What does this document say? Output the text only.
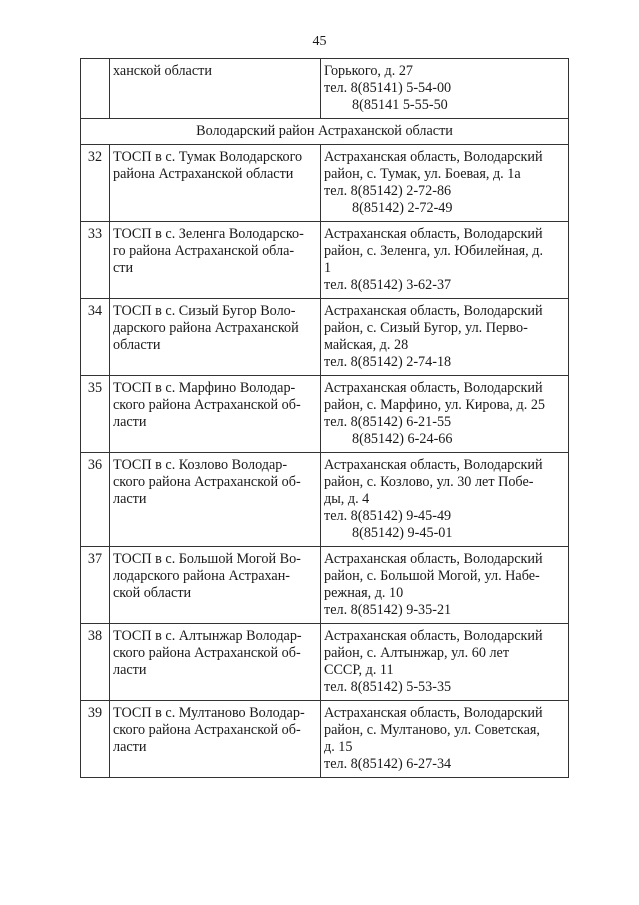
45

	ханской области	Горького, д. 27
тел. 8(85141) 5-54-00
8(85141 5-55-50

Володарский район Астраханской области		
32	ТОСП в с. Тумак Володарского
района Астраханской области	Астраханская область, Володарский
район, с. Тумак, ул. Боевая, д. 1а
тел. 8(85142) 2-72-86
8(85142) 2-72-49

33	ТОСП в с. Зеленга Володарско-
го района Астраханской обла-
сти	Астраханская область, Володарский
район, с. Зеленга, ул. Юбилейная, д.
1
тел. 8(85142) 3-62-37

34	ТОСП в с. Сизый Бугор Воло-
дарского района Астраханской
области	Астраханская область, Володарский
район, с. Сизый Бугор, ул. Перво-
майская, д. 28
тел. 8(85142) 2-74-18

35	ТОСП в с. Марфино Володар-
ского района Астраханской об-
ласти	Астраханская область, Володарский
район, с. Марфино, ул. Кирова, д. 25
тел. 8(85142) 6-21-55
8(85142) 6-24-66

36	ТОСП в с. Козлово Володар-
ского района Астраханской об-
ласти	Астраханская область, Володарский
район, с. Козлово, ул. 30 лет Побе-
ды, д. 4
тел. 8(85142) 9-45-49
8(85142) 9-45-01

37	ТОСП в с. Большой Могой Во-
лодарского района Астрахан-
ской области	Астраханская область, Володарский
район, с. Большой Могой, ул. Набе-
режная, д. 10
тел. 8(85142) 9-35-21

38	ТОСП в с. Алтынжар Володар-
ского района Астраханской об-
ласти	Астраханская область, Володарский
район, с. Алтынжар, ул. 60 лет
СССР, д. 11
тел. 8(85142) 5-53-35

39	ТОСП в с. Мултаново Володар-
ского района Астраханской об-
ласти	Астраханская область, Володарский
район, с. Мултаново, ул. Советская,
д. 15
тел. 8(85142) 6-27-34
